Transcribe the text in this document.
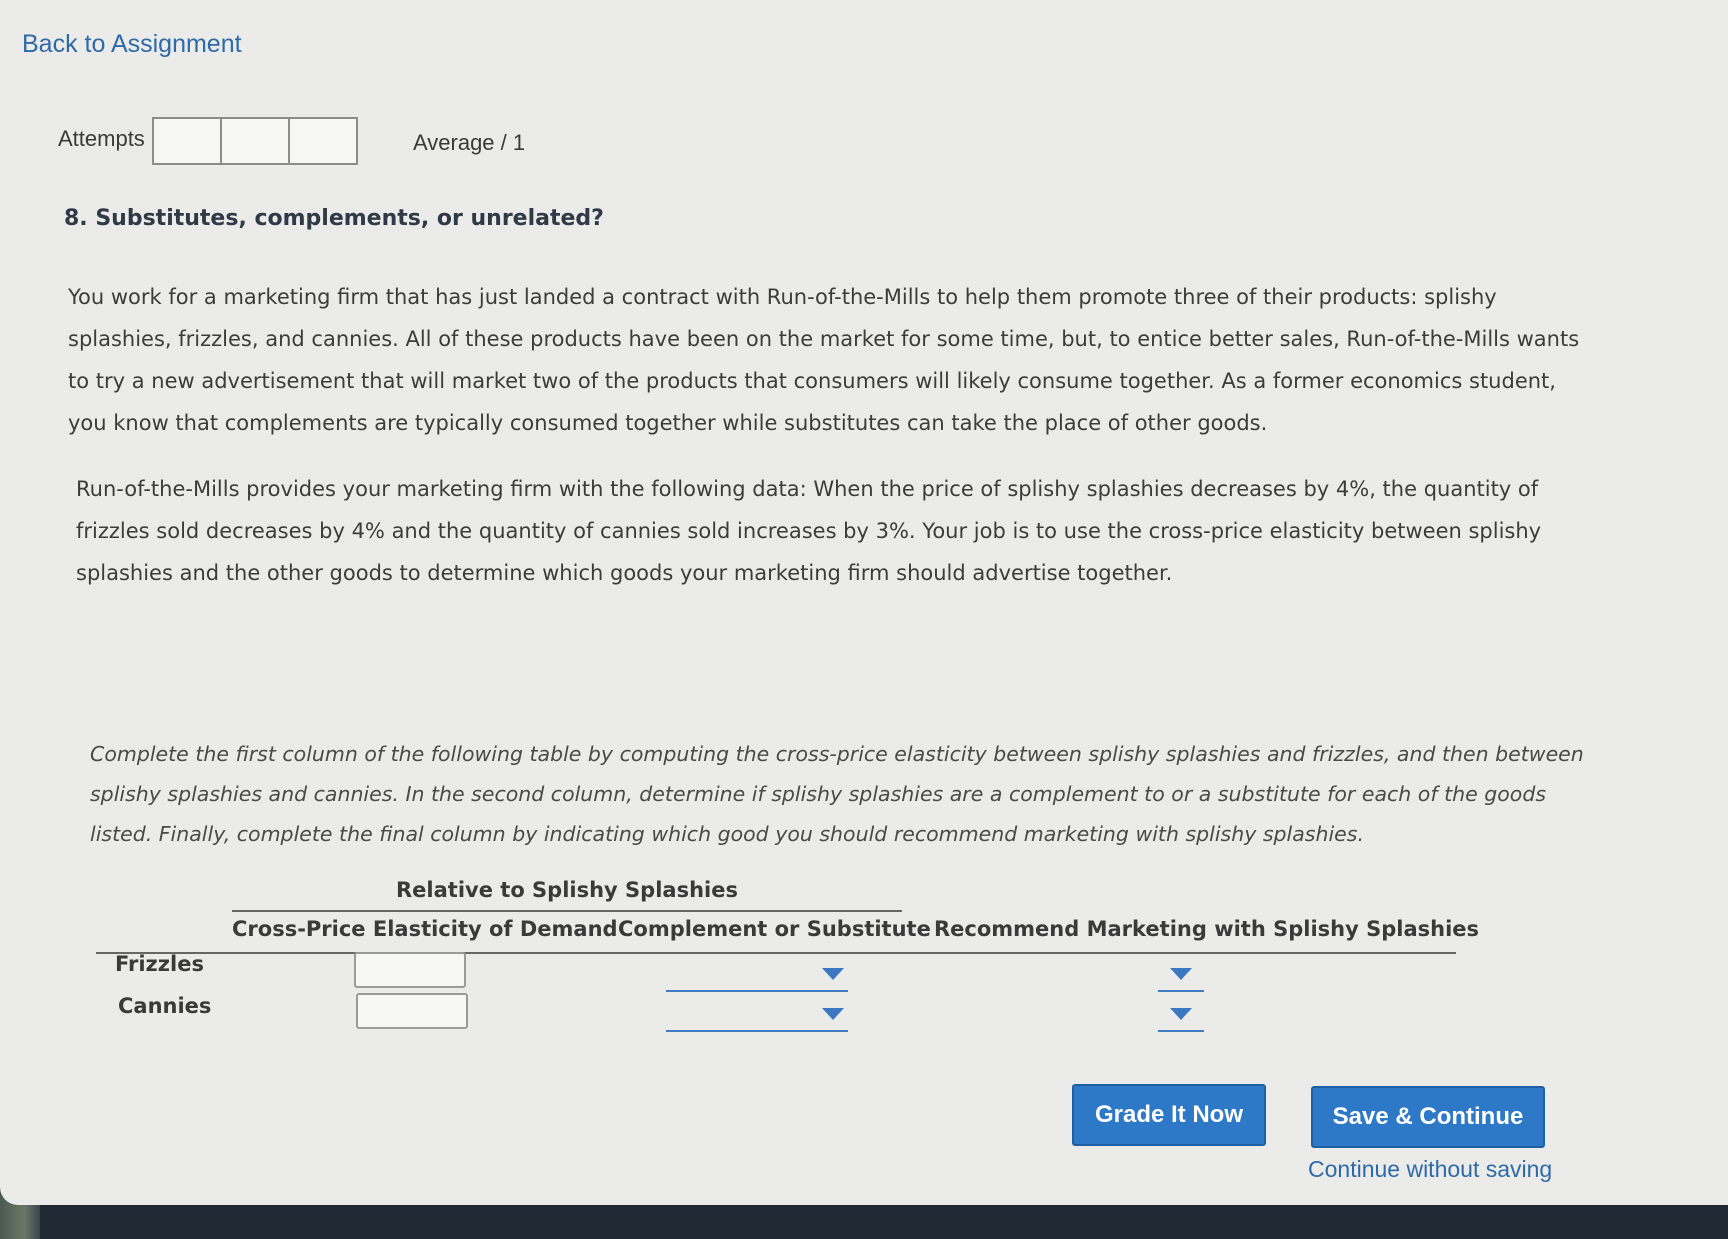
Back to Assignment
Attempts	Average / 1
8. Substitutes, complements, or unrelated?
You work for a marketing firm that has just landed a contract with Run-of-the-Mills to help them promote three of their products: splishy splashies, frizzles, and cannies. All of these products have been on the market for some time, but, to entice better sales, Run-of-the-Mills wants to try a new advertisement that will market two of the products that consumers will likely consume together. As a former economics student, you know that complements are typically consumed together while substitutes can take the place of other goods.
Run-of-the-Mills provides your marketing firm with the following data: When the price of splishy splashies decreases by 4%, the quantity of frizzles sold decreases by 4% and the quantity of cannies sold increases by 3%. Your job is to use the cross-price elasticity between splishy splashies and the other goods to determine which goods your marketing firm should advertise together.
Complete the first column of the following table by computing the cross-price elasticity between splishy splashies and frizzles, and then between splishy splashies and cannies. In the second column, determine if splishy splashies are a complement to or a substitute for each of the goods listed. Finally, complete the final column by indicating which good you should recommend marketing with splishy splashies.
Relative to Splishy Splashies
Cross-Price Elasticity of Demand Complement or Substitute Recommend Marketing with Splishy Splashies
Frizzles
Cannies
Grade It Now	Save & Continue
Continue without saving
